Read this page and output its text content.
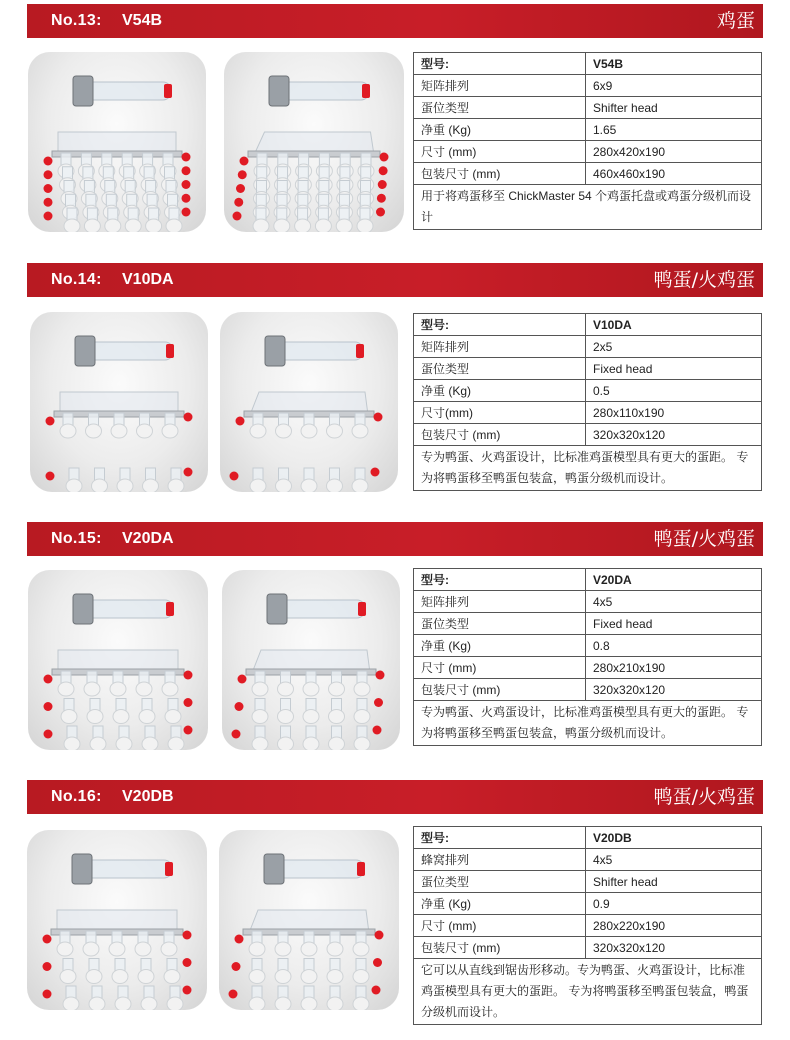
No.13: V54B	鸡蛋
型号:	V54B
矩阵排列	6x9
蛋位类型	Shifter head
净重 (Kg)	1.65
尺寸 (mm)	280x420x190
包装尺寸 (mm)	460x460x190
用于将鸡蛋移至 ChickMaster 54 个鸡蛋托盘或鸡蛋分级机而设计	
No.14: V10DA	鸭蛋/火鸡蛋
型号:	V10DA
矩阵排列	2x5
蛋位类型	Fixed head
净重 (Kg)	0.5
尺寸(mm)	280x110x190
包装尺寸 (mm)	320x320x120
专为鸭蛋、火鸡蛋设计，比标准鸡蛋模型具有更大的蛋距。 专为将鸭蛋移至鸭蛋包装盒，鸭蛋分级机而设计。	
No.15: V20DA	鸭蛋/火鸡蛋
型号:	V20DA
矩阵排列	4x5
蛋位类型	Fixed head
净重 (Kg)	0.8
尺寸 (mm)	280x210x190
包装尺寸 (mm)	320x320x120
专为鸭蛋、火鸡蛋设计，比标准鸡蛋模型具有更大的蛋距。 专为将鸭蛋移至鸭蛋包装盒，鸭蛋分级机而设计。	
No.16: V20DB	鸭蛋/火鸡蛋
型号:	V20DB
蜂窝排列	4x5
蛋位类型	Shifter head
净重 (Kg)	0.9
尺寸 (mm)	280x220x190
包装尺寸 (mm)	320x320x120
它可以从直线到锯齿形移动。专为鸭蛋、火鸡蛋设计，比标准鸡蛋模型具有更大的蛋距。 专为将鸭蛋移至鸭蛋包装盒，鸭蛋分级机而设计。	
